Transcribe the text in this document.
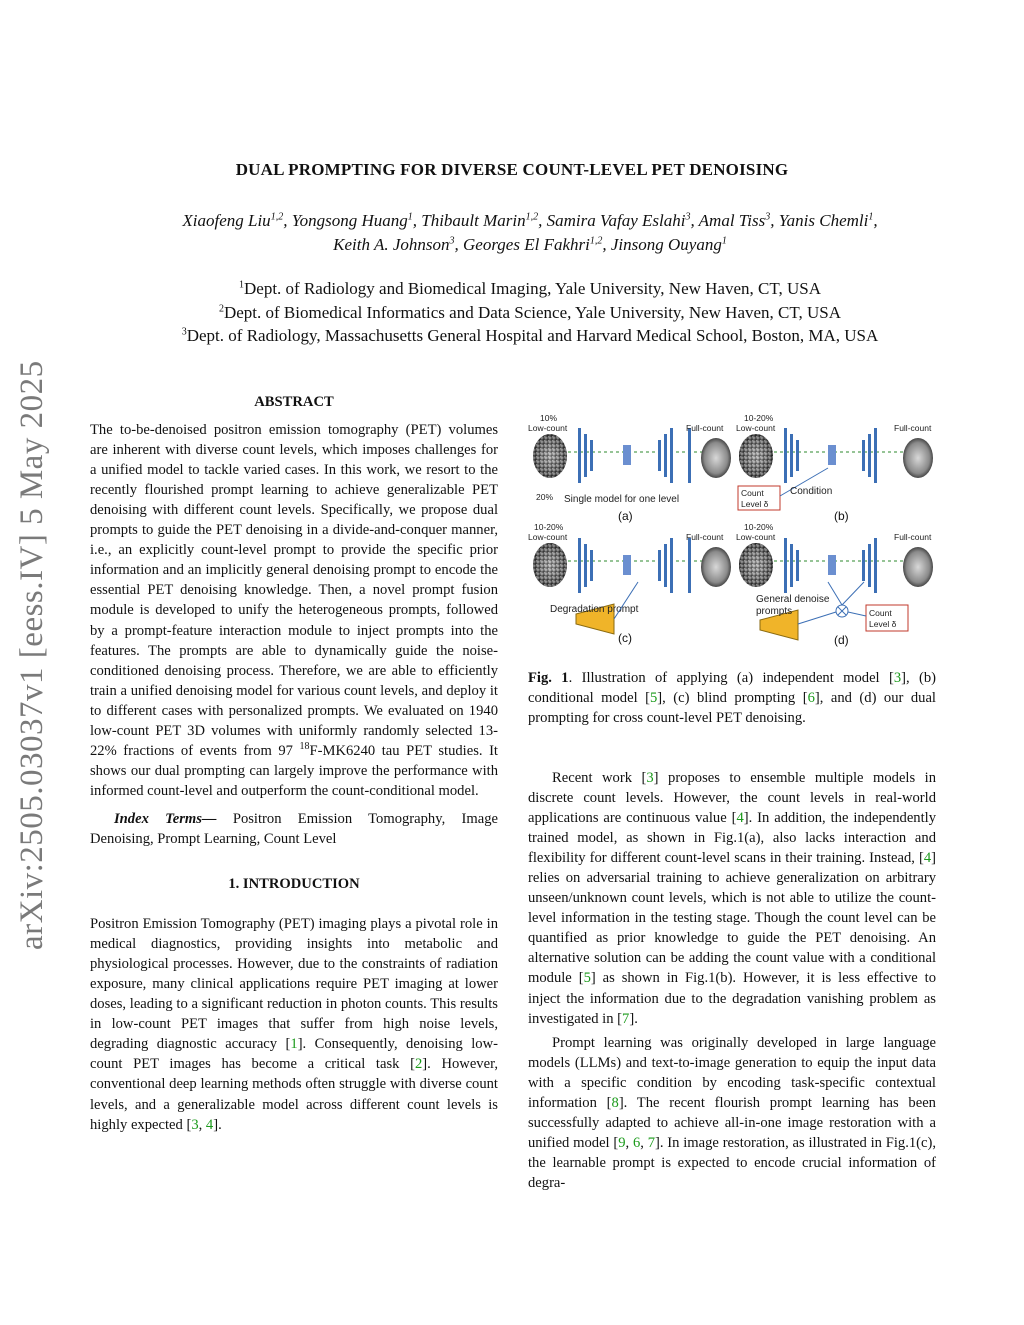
arXiv:2505.03037v1 [eess.IV] 5 May 2025
DUAL PROMPTING FOR DIVERSE COUNT-LEVEL PET DENOISING
Xiaofeng Liu$^{1,2}$, Yongsong Huang$^1$, Thibault Marin$^{1,2}$, Samira Vafay Eslahi$^3$, Amal Tiss$^3$, Yanis Chemli$^1$,
Keith A. Johnson$^3$, Georges El Fakhri$^{1,2}$, Jinsong Ouyang$^1$
$^1$Dept. of Radiology and Biomedical Imaging, Yale University, New Haven, CT, USA
$^2$Dept. of Biomedical Informatics and Data Science, Yale University, New Haven, CT, USA
$^3$Dept. of Radiology, Massachusetts General Hospital and Harvard Medical School, Boston, MA, USA
ABSTRACT

The to-be-denoised positron emission tomography (PET) volumes are inherent with diverse count levels, which imposes challenges for a unified model to tackle varied cases. In this work, we resort to the recently flourished prompt learning to achieve generalizable PET denoising with different count levels. Specifically, we propose dual prompts to guide the PET denoising in a divide-and-conquer manner, i.e., an explicitly count-level prompt to provide the specific prior information and an implicitly general denoising prompt to encode the essential PET denoising knowledge. Then, a novel prompt fusion module is developed to unify the heterogeneous prompts, followed by a prompt-feature interaction module to inject prompts into the features. The prompts are able to dynamically guide the noise-conditioned denoising process. Therefore, we are able to efficiently train a unified denoising model for various count levels, and deploy it to different cases with personalized prompts. We evaluated on 1940 low-count PET 3D volumes with uniformly randomly selected 13-22% fractions of events from 97 $^{18}$F-MK6240 tau PET studies. It shows our dual prompting can largely improve the performance with informed count-level and outperform the count-conditional model.

Index Terms— Positron Emission Tomography, Image Denoising, Prompt Learning, Count Level

1. INTRODUCTION

Positron Emission Tomography (PET) imaging plays a pivotal role in medical diagnostics, providing insights into metabolic and physiological processes. However, due to the constraints of radiation exposure, many clinical applications require PET imaging at lower doses, leading to a significant reduction in photon counts. This results in low-count PET images that suffer from high noise levels, degrading diagnostic accuracy [1]. Consequently, denoising low-count PET images has become a critical task [2]. However, conventional deep learning methods often struggle with diverse count levels, and a generalizable model across different count levels is highly expected [3, 4].

10%
Low-count	Full-count
20% Single model for one level
(a)
10-20%
Low-count	Full-count
Count
Level δ
Condition
(b)
10-20%
Low-count	Full-count
Degradation prompt
(c)
10-20%
Low-count	Full-count
General denoise
prompts	Count
Level δ
(d)

Fig. 1. Illustration of applying (a) independent model [3], (b) conditional model [5], (c) blind prompting [6], and (d) our dual prompting for cross count-level PET denoising.

Recent work [3] proposes to ensemble multiple models in discrete count levels. However, the count levels in real-world applications are continuous value [4]. In addition, the independently trained model, as shown in Fig.1(a), also lacks interaction and flexibility for different count-level scans in their training. Instead, [4] relies on adversarial training to achieve generalization on arbitrary unseen/unknown count levels, which is not able to utilize the count-level information in the testing stage. Though the count level can be quantified as prior knowledge to guide the PET denoising. An alternative solution can be adding the count value with a conditional module [5] as shown in Fig.1(b). However, it is less effective to inject the information due to the degradation vanishing problem as investigated in [7].

Prompt learning was originally developed in large language models (LLMs) and text-to-image generation to equip the input data with a specific condition by encoding task-specific contextual information [8]. The recent flourish prompt learning has been successfully adapted to achieve all-in-one image restoration with a unified model [9, 6, 7]. In image restoration, as illustrated in Fig.1(c), the learnable prompt is expected to encode crucial information of degra-
